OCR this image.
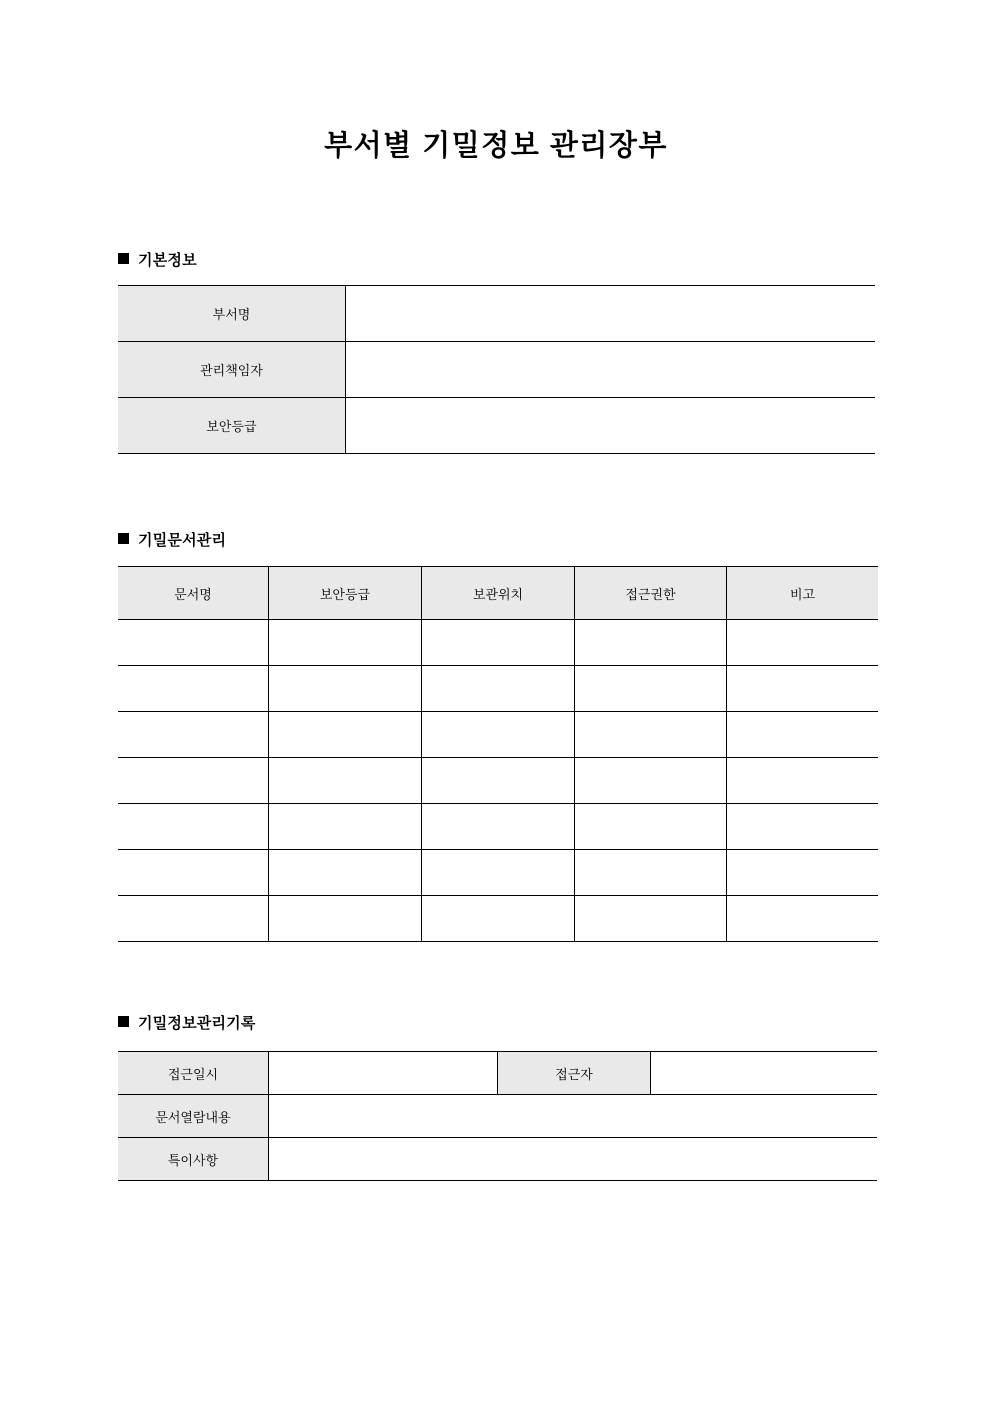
부서별 기밀정보 관리장부
기본정보
부서명	
관리책임자	
보안등급	
기밀문서관리
문서명	보안등급	보관위치	접근권한	비고

기밀정보관리기록
접근일시		접근자	
문서열람내용			
특이사항			
